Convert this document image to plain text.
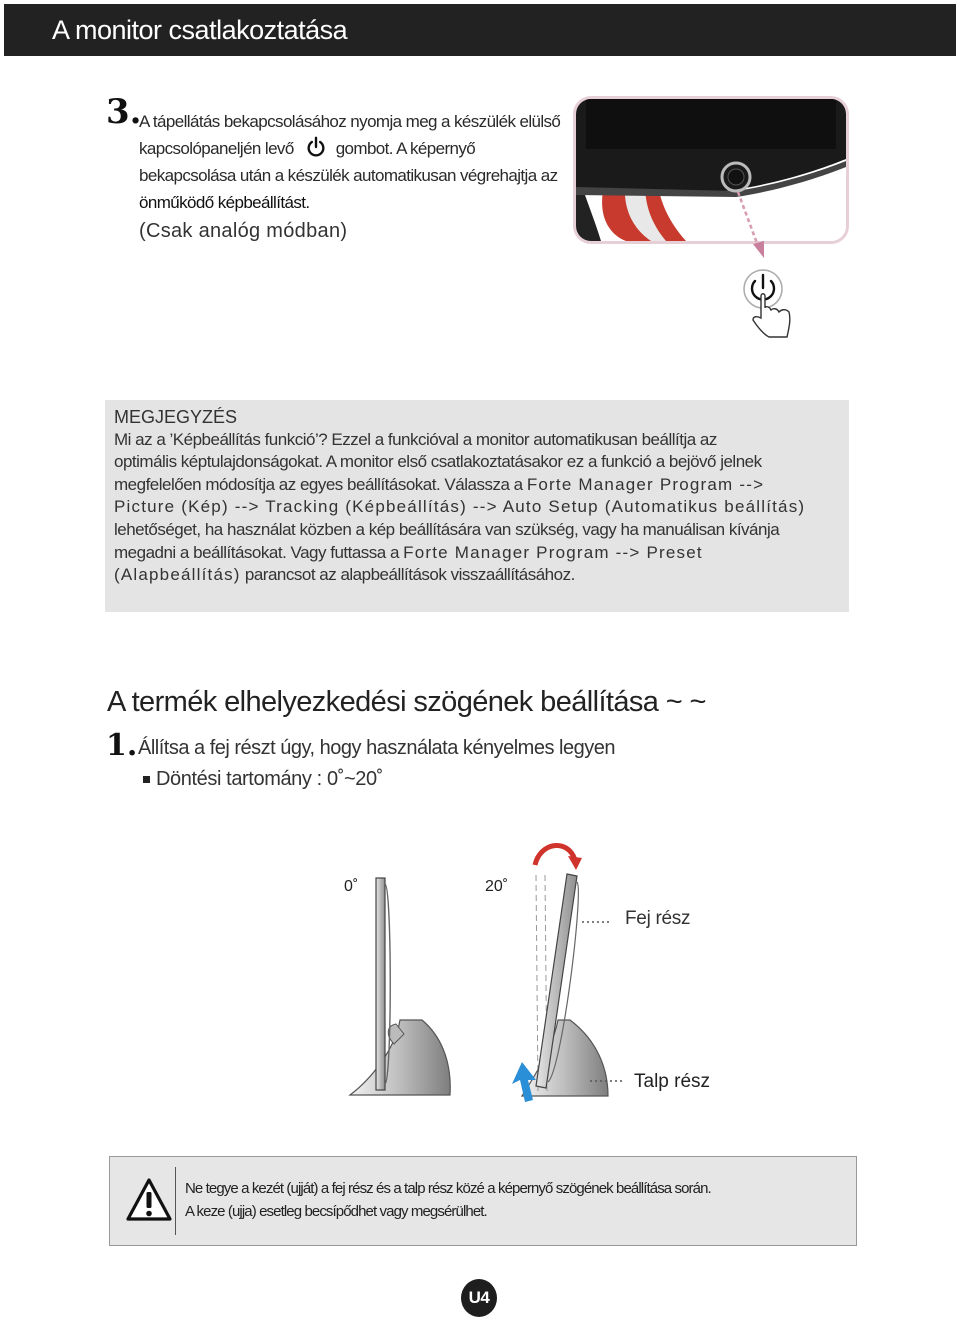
A monitor csatlakoztatása
3.
A tápellátás bekapcsolásához nyomja meg a készülék elülső
kapcsolópaneljén levő gombot. A képernyő
bekapcsolása után a készülék automatikusan végrehajtja az
önműködő képbeállítást.
(Csak analóg módban)
MEGJEGYZÉS
Mi az a ’Képbeállítás funkció’? Ezzel a funkcióval a monitor automatikusan beállítja az
optimális képtulajdonságokat. A monitor első csatlakoztatásakor ez a funkció a bejövő jelnek
megfelelően módosítja az egyes beállításokat. Válassza a Forte Manager Program -->
Picture (Kép) --> Tracking (Képbeállítás) --> Auto Setup (Automatikus beállítás)
lehetőséget, ha használat közben a kép beállítására van szükség, vagy ha manuálisan kívánja
megadni a beállításokat. Vagy futtassa a Forte Manager Program --> Preset
(Alapbeállítás) parancsot az alapbeállítások visszaállításához.
A termék elhelyezkedési szögének beállítása ~ ~
1. Állítsa a fej részt úgy, hogy használata kényelmes legyen
Döntési tartomány : 0˚~20˚
0˚	20˚
Fej rész
Talp rész
Ne tegye a kezét (ujját) a fej rész és a talp rész közé a képernyő szögének beállítása során.
A keze (ujja) esetleg becsípődhet vagy megsérülhet.
U4
